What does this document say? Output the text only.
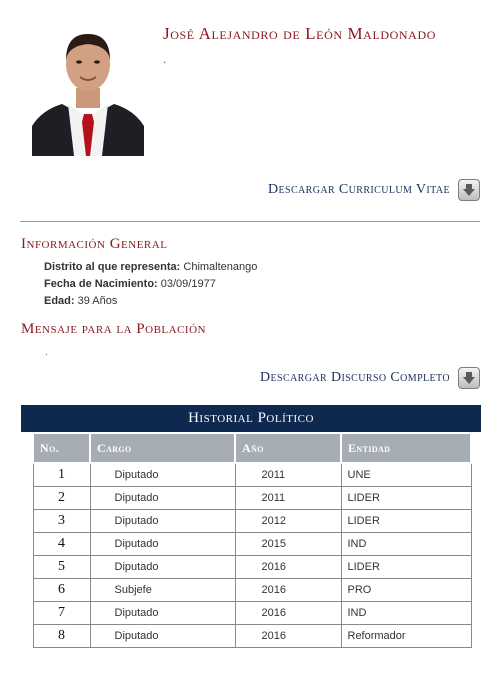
José Alejandro de León Maldonado
.
Descargar Curriculum Vitae
Información General
Distrito al que representa: Chimaltenango
Fecha de Nacimiento: 03/09/1977
Edad: 39 Años
Mensaje para la Población
.
Descargar Discurso Completo
Historial Político
No.	Cargo	Año	Entidad
1	Diputado	2011	UNE
2	Diputado	2011	LIDER
3	Diputado	2012	LIDER
4	Diputado	2015	IND
5	Diputado	2016	LIDER
6	Subjefe	2016	PRO
7	Diputado	2016	IND
8	Diputado	2016	Reformador
